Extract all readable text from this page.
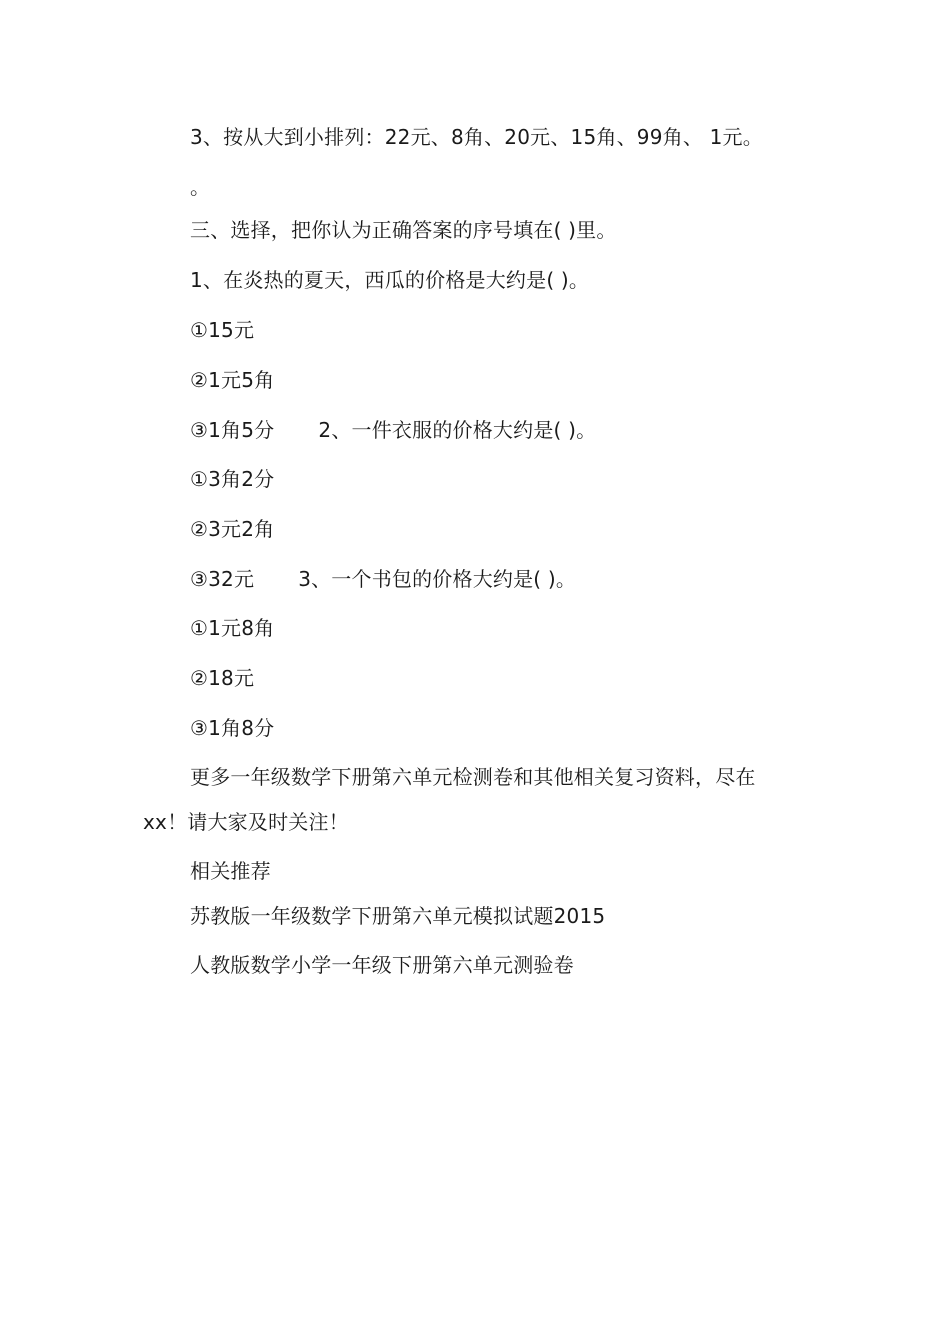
3、按从大到小排列：22元、8角、20元、15角、99角、 1元。
。
三、选择，把你认为正确答案的序号填在( )里。
1、在炎热的夏天，西瓜的价格是大约是( )。
①15元
②1元5角
③1角5分 2、一件衣服的价格大约是( )。
①3角2分
②3元2角
③32元 3、一个书包的价格大约是( )。
①1元8角
②18元
③1角8分
更多一年级数学下册第六单元检测卷和其他相关复习资料，尽在
xx！请大家及时关注！
相关推荐
苏教版一年级数学下册第六单元模拟试题2015
人教版数学小学一年级下册第六单元测验卷
